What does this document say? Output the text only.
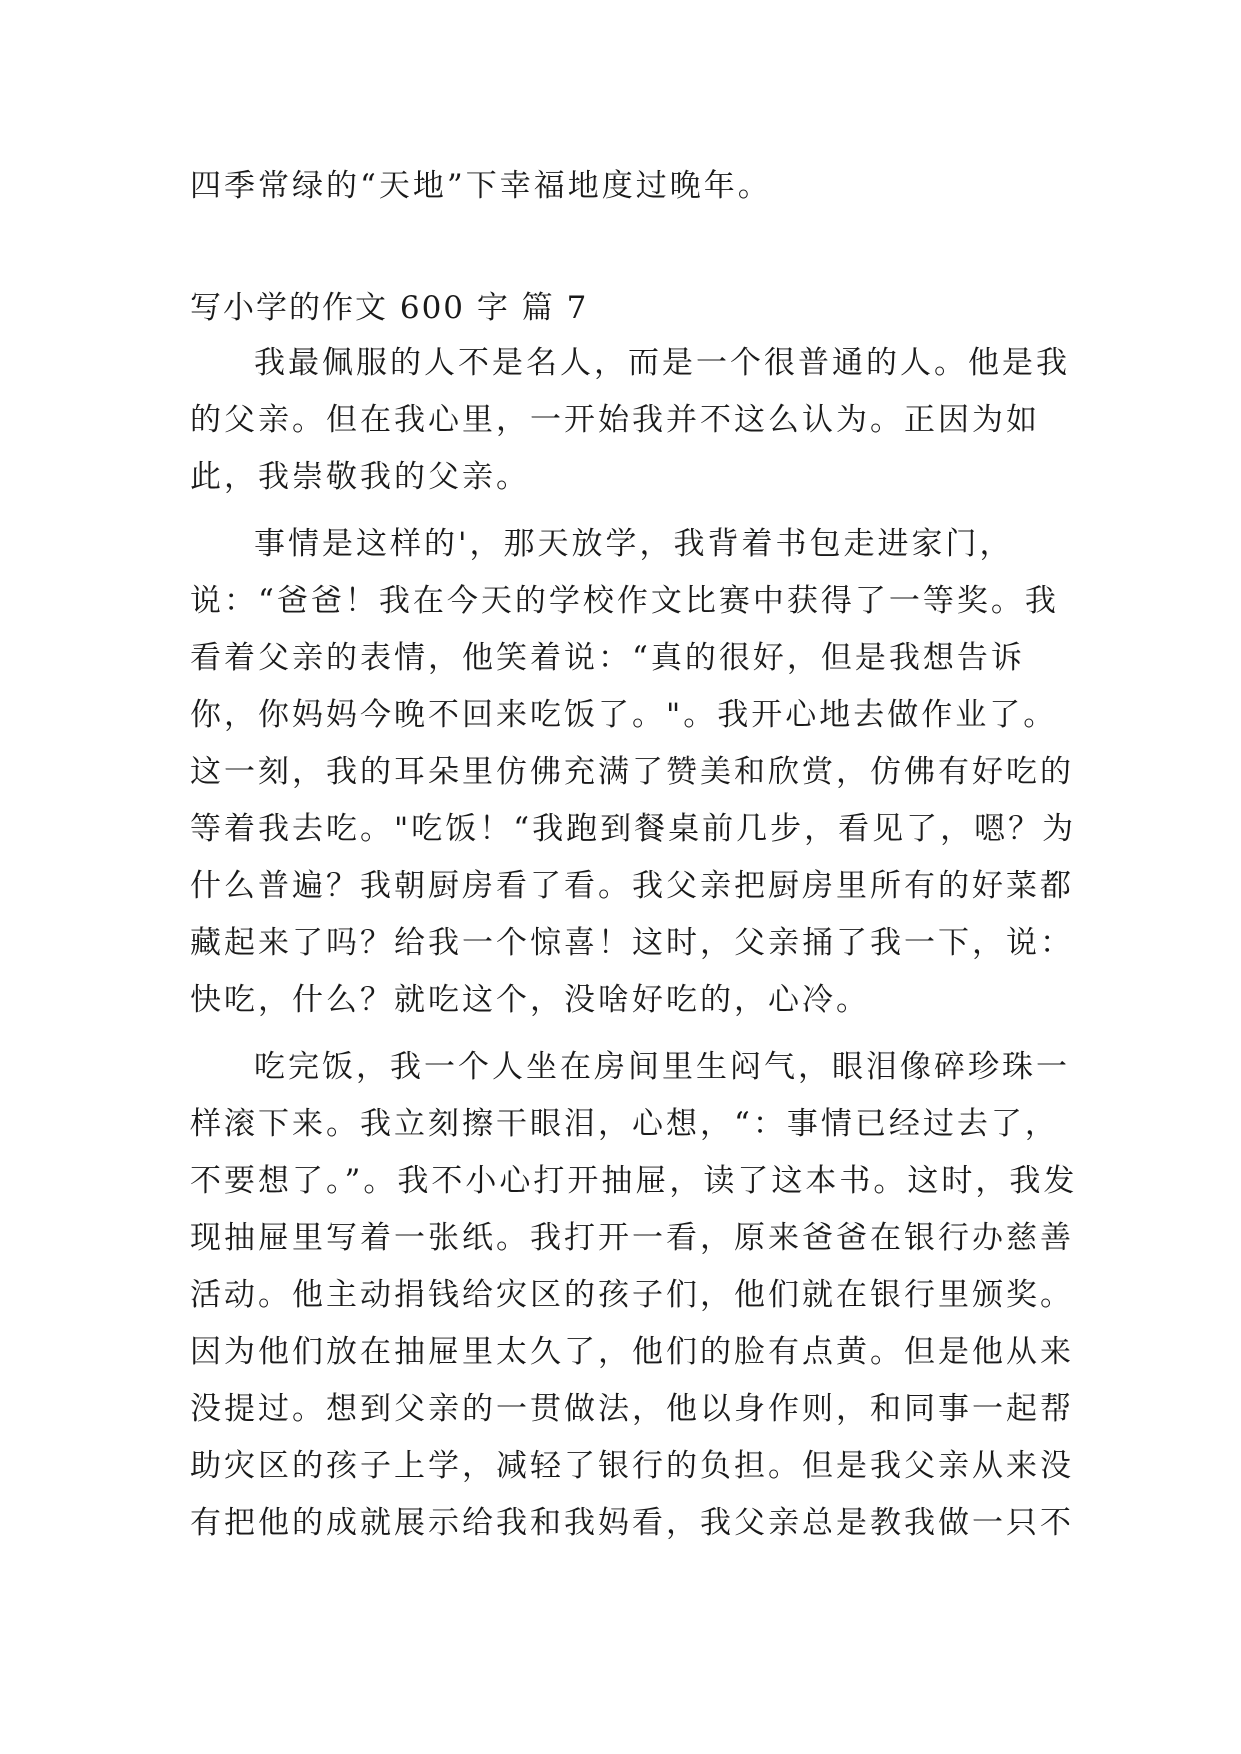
四季常绿的“天地”下幸福地度过晚年。

写小学的作文 600 字 篇 7

我最佩服的人不是名人，而是一个很普通的人。他是我的父亲。但在我心里，一开始我并不这么认为。正因为如此，我崇敬我的父亲。

事情是这样的'，那天放学，我背着书包走进家门，说：“爸爸！我在今天的学校作文比赛中获得了一等奖。我看着父亲的表情，他笑着说：“真的很好，但是我想告诉你，你妈妈今晚不回来吃饭了。"。我开心地去做作业了。这一刻，我的耳朵里仿佛充满了赞美和欣赏，仿佛有好吃的等着我去吃。"吃饭！“我跑到餐桌前几步，看见了，嗯？为什么普遍？我朝厨房看了看。我父亲把厨房里所有的好菜都藏起来了吗？给我一个惊喜！这时，父亲捅了我一下，说：快吃，什么？就吃这个，没啥好吃的，心冷。

吃完饭，我一个人坐在房间里生闷气，眼泪像碎珍珠一样滚下来。我立刻擦干眼泪，心想，“：事情已经过去了，不要想了。”。我不小心打开抽屉，读了这本书。这时，我发现抽屉里写着一张纸。我打开一看，原来爸爸在银行办慈善活动。他主动捐钱给灾区的孩子们，他们就在银行里颁奖。因为他们放在抽屉里太久了，他们的脸有点黄。但是他从来没提过。想到父亲的一贯做法，他以身作则，和同事一起帮助灾区的孩子上学，减轻了银行的负担。但是我父亲从来没有把他的成就展示给我和我妈看，我父亲总是教我做一只不
